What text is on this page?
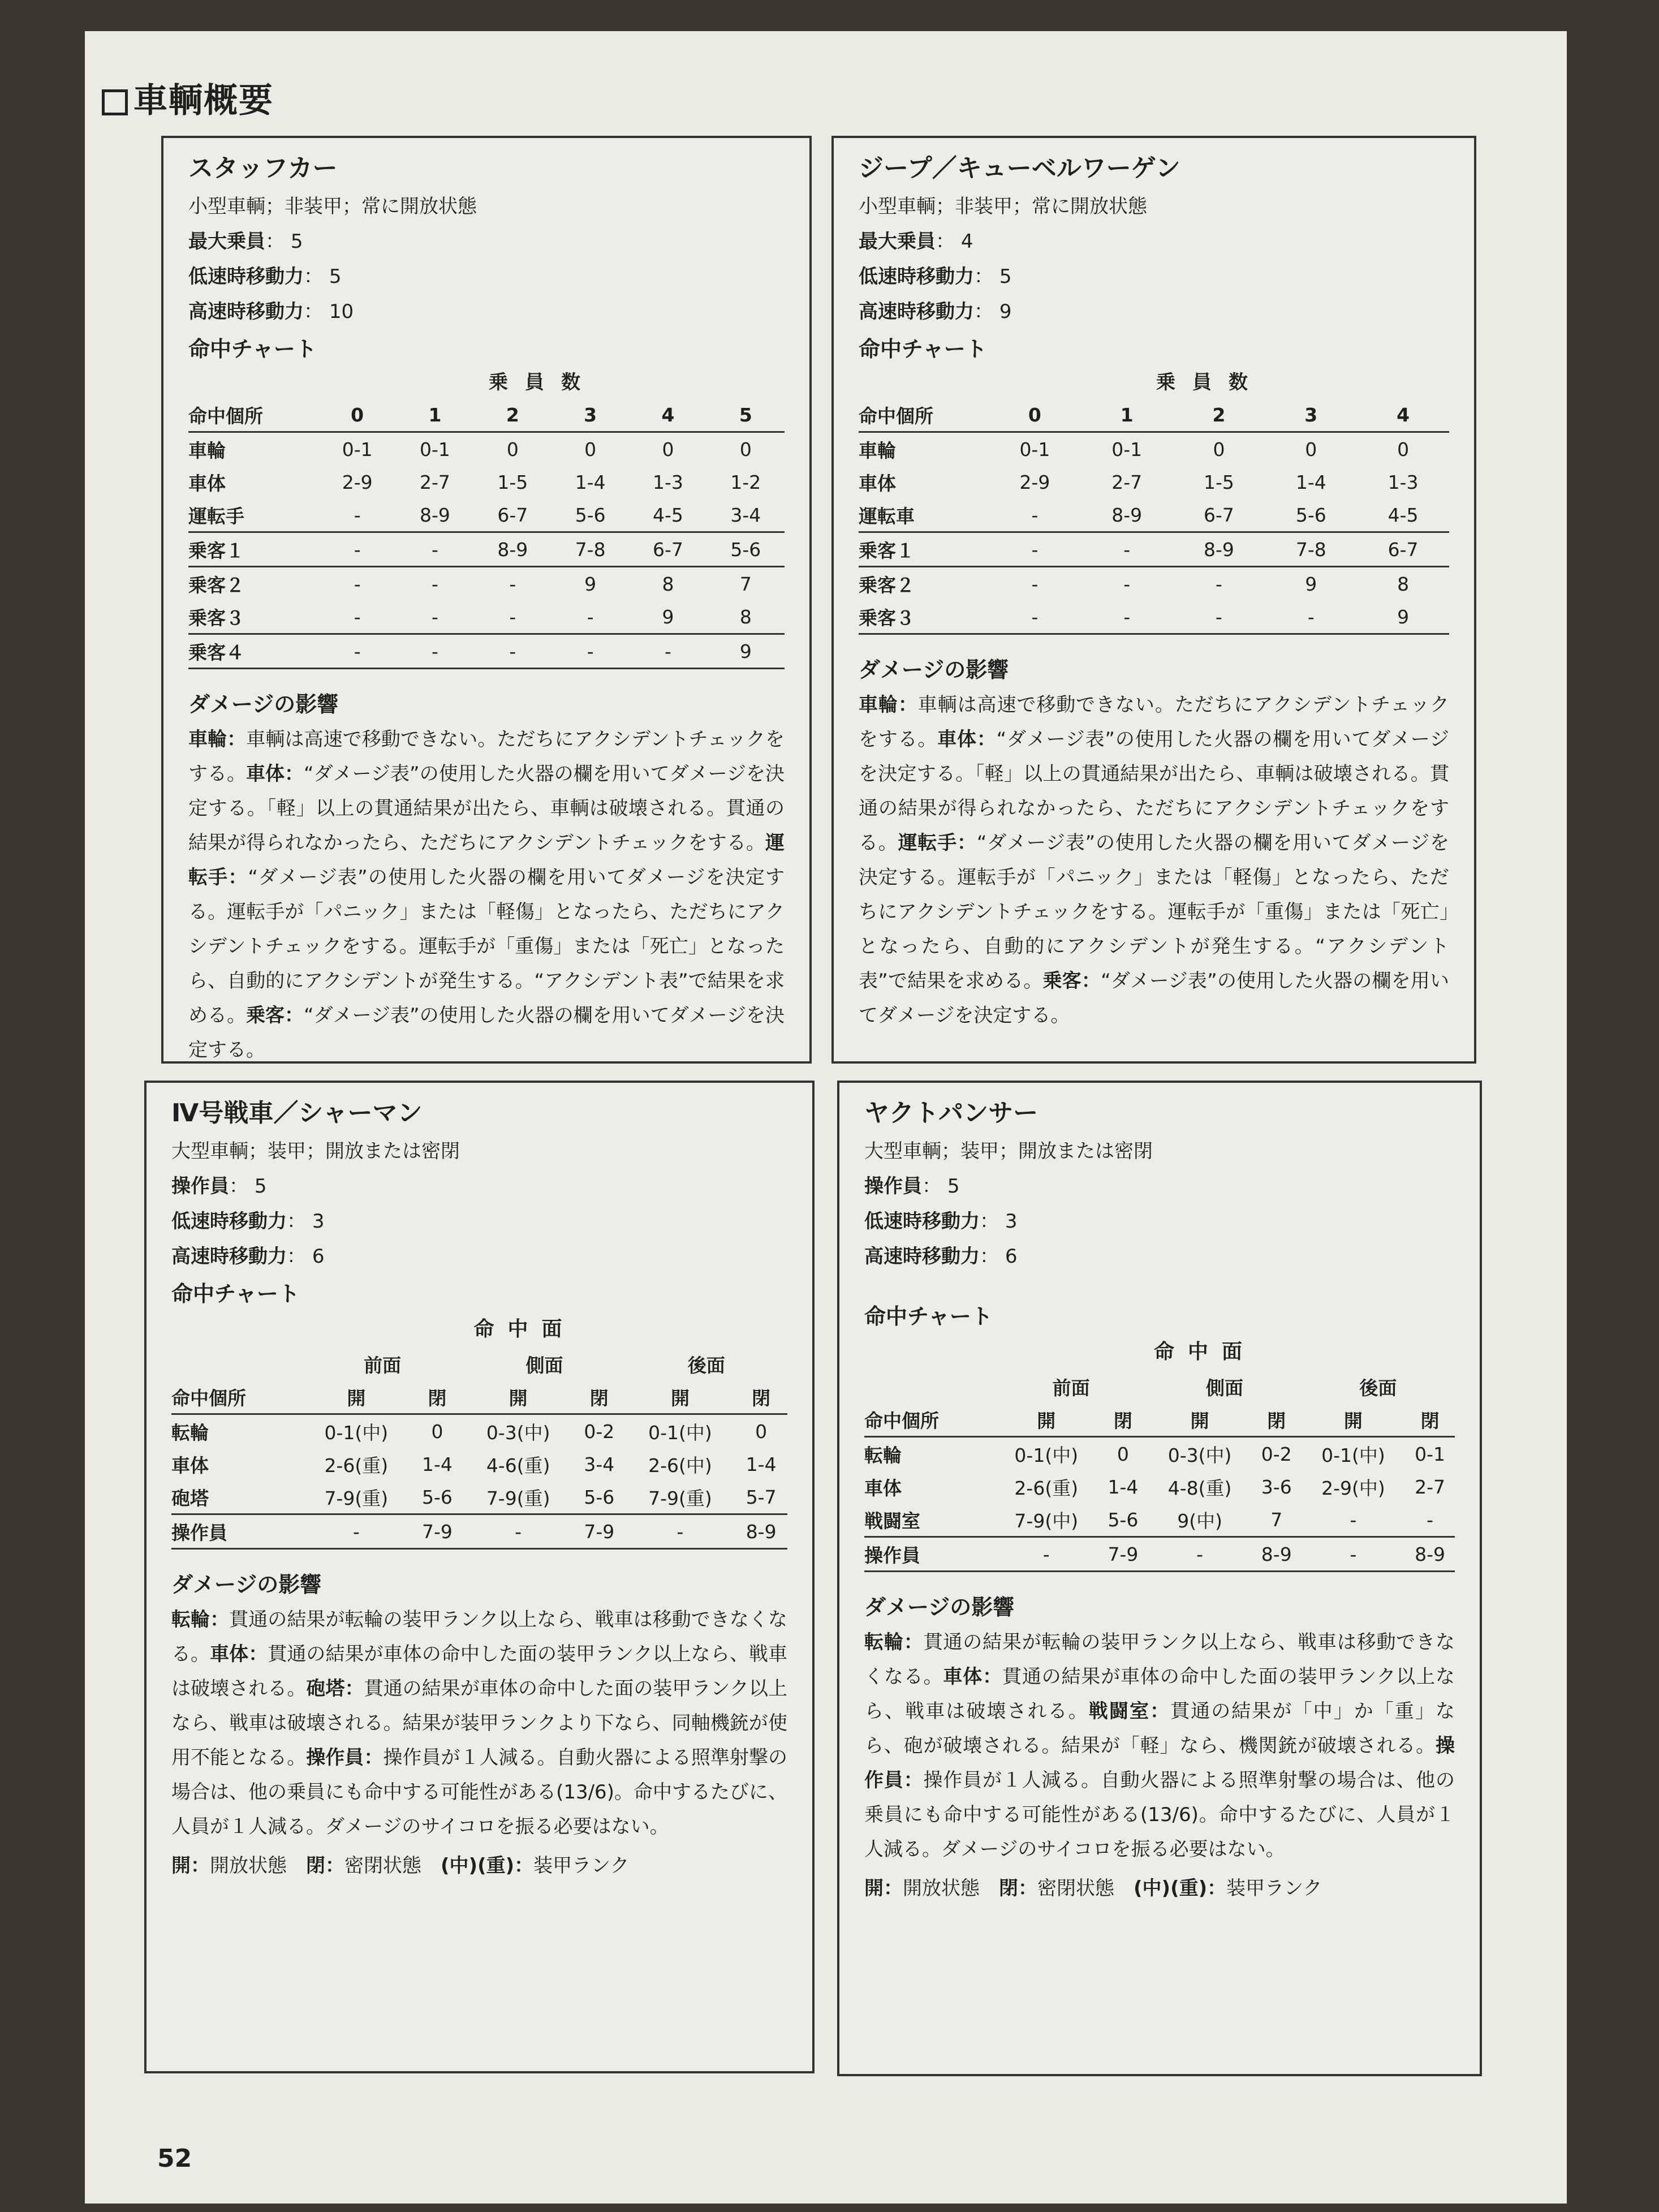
車輌概要
スタッフカー
小型車輌；非装甲；常に開放状態
最大乗員： 5
低速時移動力： 5
高速時移動力： 10
命中チャート
乗員数
命中個所	0	1	2	3	4	5
車輪	0-1	0-1	0	0	0	0
車体	2-9	2-7	1-5	1-4	1-3	1-2
運転手	-	8-9	6-7	5-6	4-5	3-4
乗客１	-	-	8-9	7-8	6-7	5-6
乗客２	-	-	-	9	8	7
乗客３	-	-	-	-	9	8
乗客４	-	-	-	-	-	9
ダメージの影響
車輪：車輌は高速で移動できない。ただちにアクシデントチェックをする。車体：“ダメージ表”の使用した火器の欄を用いてダメージを決定する。「軽」以上の貫通結果が出たら、車輌は破壊される。貫通の結果が得られなかったら、ただちにアクシデントチェックをする。運転手：“ダメージ表”の使用した火器の欄を用いてダメージを決定する。運転手が「パニック」または「軽傷」となったら、ただちにアクシデントチェックをする。運転手が「重傷」または「死亡」となったら、自動的にアクシデントが発生する。“アクシデント表”で結果を求める。乗客：“ダメージ表”の使用した火器の欄を用いてダメージを決定する。
ジープ／キューベルワーゲン
小型車輌；非装甲；常に開放状態
最大乗員： 4
低速時移動力： 5
高速時移動力： 9
命中チャート
乗員数
命中個所	0	1	2	3	4
車輪	0-1	0-1	0	0	0
車体	2-9	2-7	1-5	1-4	1-3
運転車	-	8-9	6-7	5-6	4-5
乗客１	-	-	8-9	7-8	6-7
乗客２	-	-	-	9	8
乗客３	-	-	-	-	9
ダメージの影響
車輪：車輌は高速で移動できない。ただちにアクシデントチェックをする。車体：“ダメージ表”の使用した火器の欄を用いてダメージを決定する。「軽」以上の貫通結果が出たら、車輌は破壊される。貫通の結果が得られなかったら、ただちにアクシデントチェックをする。運転手：“ダメージ表”の使用した火器の欄を用いてダメージを決定する。運転手が「パニック」または「軽傷」となったら、ただちにアクシデントチェックをする。運転手が「重傷」または「死亡」となったら、自動的にアクシデントが発生する。“アクシデント表”で結果を求める。乗客：“ダメージ表”の使用した火器の欄を用いてダメージを決定する。
Ⅳ号戦車／シャーマン
大型車輌；装甲；開放または密閉
操作員： 5
低速時移動力： 3
高速時移動力： 6
命中チャート
命中面
	前面		側面		後面	
命中個所	開	閉	開	閉	開	閉
転輪	0-1(中)	0	0-3(中)	0-2	0-1(中)	0
車体	2-6(重)	1-4	4-6(重)	3-4	2-6(中)	1-4
砲塔	7-9(重)	5-6	7-9(重)	5-6	7-9(重)	5-7
操作員	-	7-9	-	7-9	-	8-9
ダメージの影響
転輪：貫通の結果が転輪の装甲ランク以上なら、戦車は移動できなくなる。車体：貫通の結果が車体の命中した面の装甲ランク以上なら、戦車は破壊される。砲塔：貫通の結果が車体の命中した面の装甲ランク以上なら、戦車は破壊される。結果が装甲ランクより下なら、同軸機銃が使用不能となる。操作員：操作員が１人減る。自動火器による照準射撃の場合は、他の乗員にも命中する可能性がある(13/6)。命中するたびに、人員が１人減る。ダメージのサイコロを振る必要はない。
開：開放状態　 閉：密閉状態　 (中)(重)：装甲ランク
ヤクトパンサー
大型車輌；装甲；開放または密閉
操作員： 5
低速時移動力： 3
高速時移動力： 6
命中チャート
命中面
	前面		側面		後面	
命中個所	開	閉	開	閉	開	閉
転輪	0-1(中)	0	0-3(中)	0-2	0-1(中)	0-1
車体	2-6(重)	1-4	4-8(重)	3-6	2-9(中)	2-7
戦闘室	7-9(中)	5-6	9(中)	7	-	-
操作員	-	7-9	-	8-9	-	8-9
ダメージの影響
転輪：貫通の結果が転輪の装甲ランク以上なら、戦車は移動できなくなる。車体：貫通の結果が車体の命中した面の装甲ランク以上なら、戦車は破壊される。戦闘室：貫通の結果が「中」か「重」なら、砲が破壊される。結果が「軽」なら、機関銃が破壊される。操作員：操作員が１人減る。自動火器による照準射撃の場合は、他の乗員にも命中する可能性がある(13/6)。命中するたびに、人員が１人減る。ダメージのサイコロを振る必要はない。
開：開放状態　 閉：密閉状態　 (中)(重)：装甲ランク
52
